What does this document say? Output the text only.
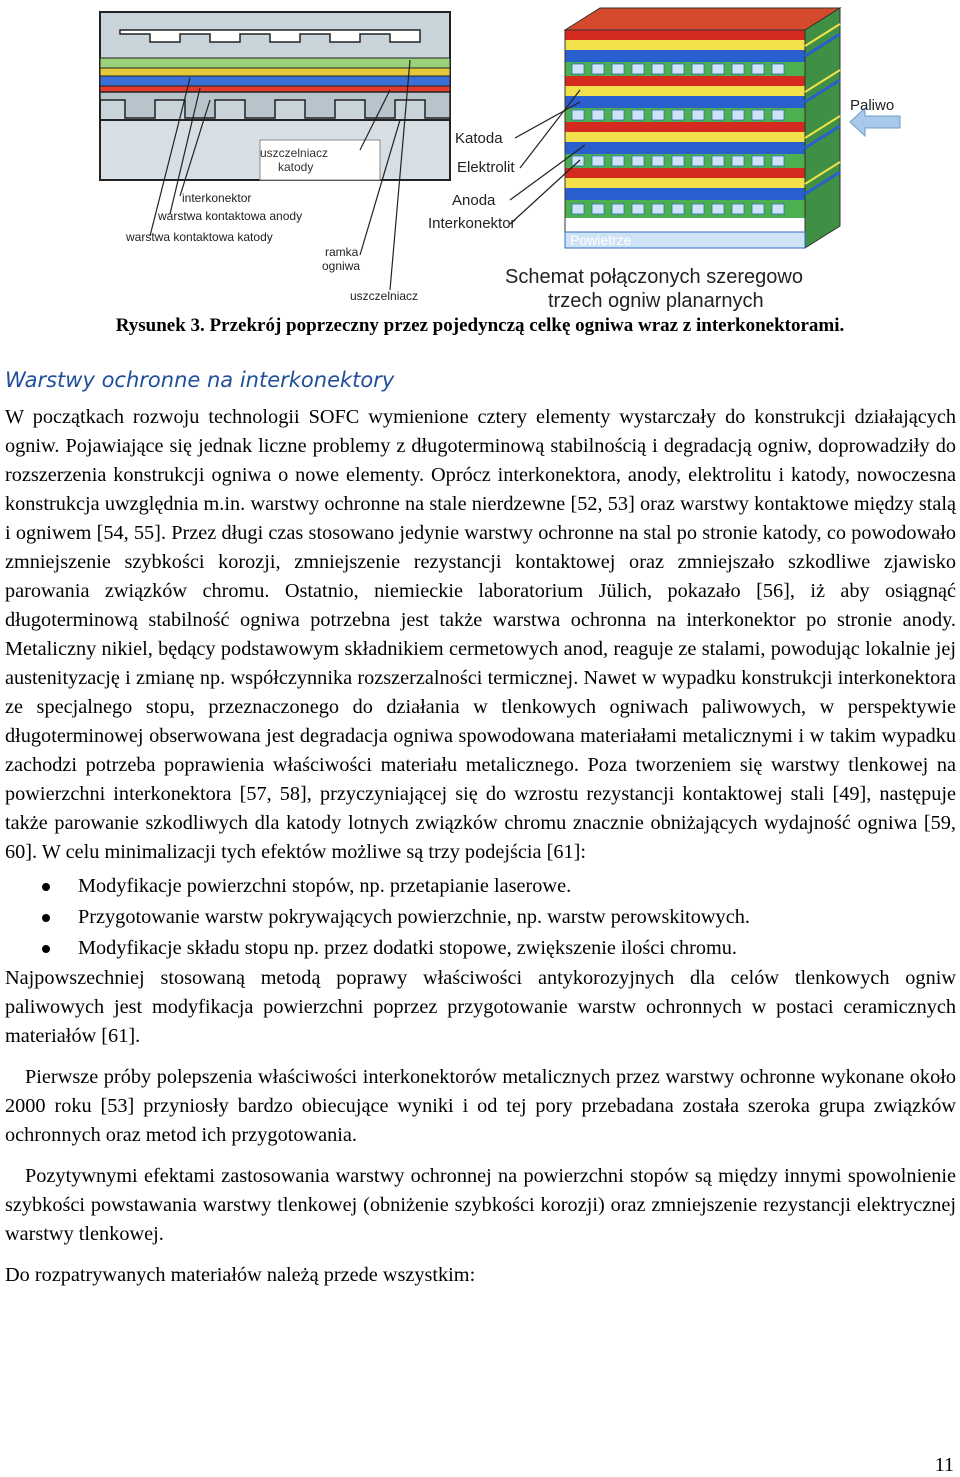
uszczelniacz
katody
interkonektor
warstwa kontaktowa anody
warstwa kontaktowa katody
ramka
ogniwa
uszczelniacz
Katoda
Elektrolit
Anoda
Interkonektor
Powietrze
Paliwo
Schemat połączonych szeregowo
trzech ogniw planarnych
Rysunek 3. Przekrój poprzeczny przez pojedynczą celkę ogniwa wraz z interkonektorami.
Warstwy ochronne na interkonektory

W początkach rozwoju technologii SOFC wymienione cztery elementy wystarczały do konstrukcji działających ogniw. Pojawiające się jednak liczne problemy z długoterminową stabilnością i degradacją ogniw, doprowadziły do rozszerzenia konstrukcji ogniwa o nowe elementy. Oprócz interkonektora, anody, elektrolitu i katody, nowoczesna konstrukcja uwzględnia m.in. warstwy ochronne na stale nierdzewne [52, 53] oraz warstwy kontaktowe między stalą i ogniwem [54, 55]. Przez długi czas stosowano jedynie warstwy ochronne na stal po stronie katody, co powodowało zmniejszenie szybkości korozji, zmniejszenie rezystancji kontaktowej oraz zmniejszało szkodliwe zjawisko parowania związków chromu. Ostatnio, niemieckie laboratorium Jülich, pokazało [56], iż aby osiągnąć długoterminową stabilność ogniwa potrzebna jest także warstwa ochronna na interkonektor po stronie anody. Metaliczny nikiel, będący podstawowym składnikiem cermetowych anod, reaguje ze stalami, powodując lokalnie jej austenityzację i zmianę np. współczynnika rozszerzalności termicznej. Nawet w wypadku konstrukcji interkonektora ze specjalnego stopu, przeznaczonego do działania w tlenkowych ogniwach paliwowych, w perspektywie długoterminowej obserwowana jest degradacja ogniwa spowodowana materiałami metalicznymi i w takim wypadku zachodzi potrzeba poprawienia właściwości materiału metalicznego. Poza tworzeniem się warstwy tlenkowej na powierzchni interkonektora [57, 58], przyczyniającej się do wzrostu rezystancji kontaktowej stali [49], następuje także parowanie szkodliwych dla katody lotnych związków chromu znacznie obniżających wydajność ogniwa [59, 60]. W celu minimalizacji tych efektów możliwe są trzy podejścia [61]:

Modyfikacje powierzchni stopów, np. przetapianie laserowe.
Przygotowanie warstw pokrywających powierzchnie, np. warstw perowskitowych.
Modyfikacje składu stopu np. przez dodatki stopowe, zwiększenie ilości chromu.

Najpowszechniej stosowaną metodą poprawy właściwości antykorozyjnych dla celów tlenkowych ogniw paliwowych jest modyfikacja powierzchni poprzez przygotowanie warstw ochronnych w postaci ceramicznych materiałów [61].

Pierwsze próby polepszenia właściwości interkonektorów metalicznych przez warstwy ochronne wykonane około 2000 roku [53] przyniosły bardzo obiecujące wyniki i od tej pory przebadana została szeroka grupa związków ochronnych oraz metod ich przygotowania.

Pozytywnymi efektami zastosowania warstwy ochronnej na powierzchni stopów są między innymi spowolnienie szybkości powstawania warstwy tlenkowej (obniżenie szybkości korozji) oraz zmniejszenie rezystancji elektrycznej warstwy tlenkowej.

Do rozpatrywanych materiałów należą przede wszystkim:

11
